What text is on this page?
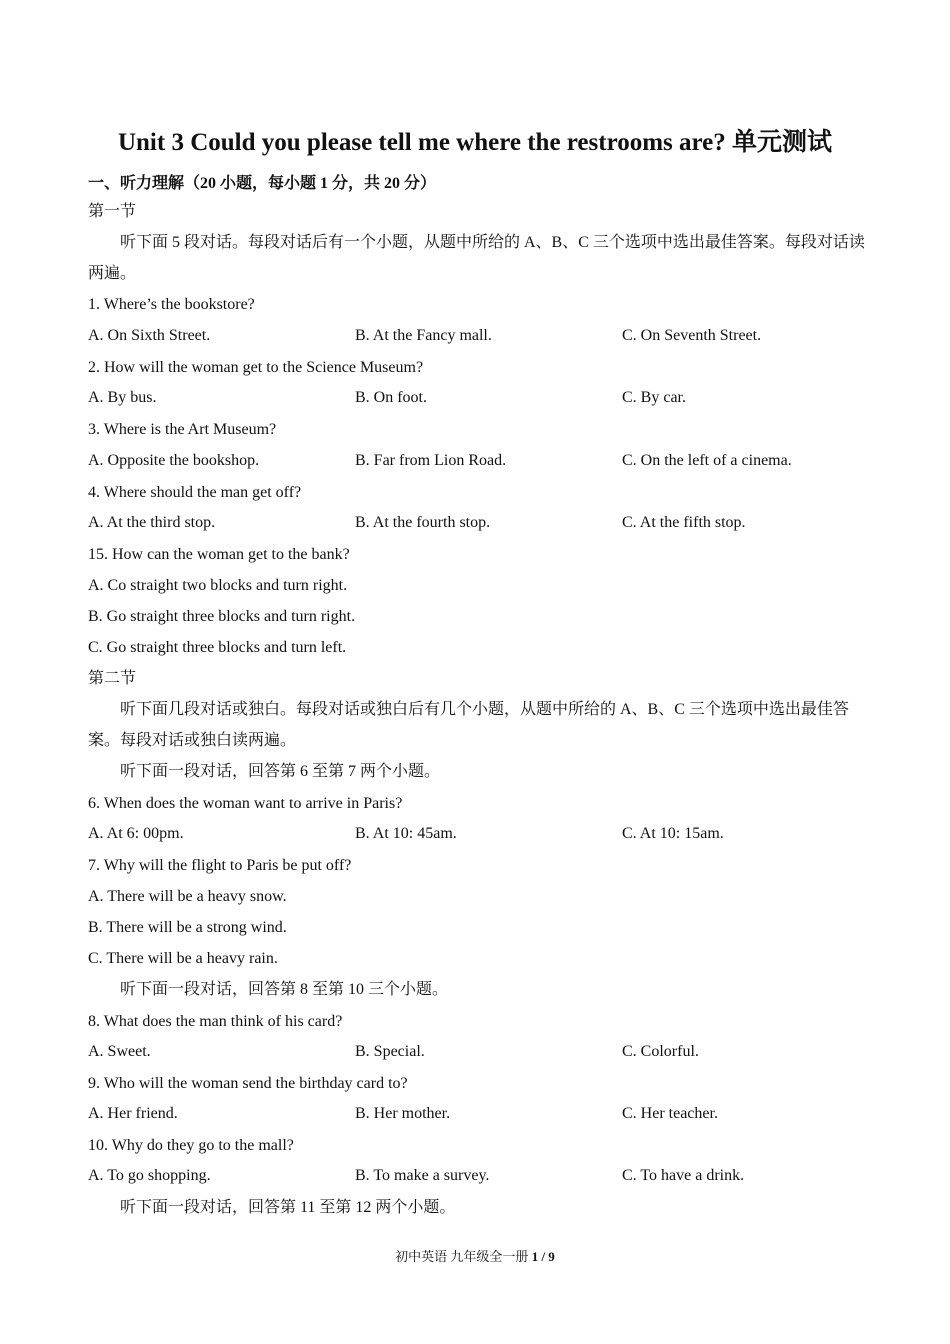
Unit 3 Could you please tell me where the restrooms are? 单元测试
一、听力理解（20 小题，每小题 1 分，共 20 分）
第一节
听下面 5 段对话。每段对话后有一个小题，从题中所给的 A、B、C 三个选项中选出最佳答案。每段对话读两遍。
1. Where’s the bookstore?
A. On Sixth Street.	B. At the Fancy mall.	C. On Seventh Street.
2. How will the woman get to the Science Museum?
A. By bus.	B. On foot.	C. By car.
3. Where is the Art Museum?
A. Opposite the bookshop.	B. Far from Lion Road.	C. On the left of a cinema.
4. Where should the man get off?
A. At the third stop.	B. At the fourth stop.	C. At the fifth stop.
15. How can the woman get to the bank?
A. Co straight two blocks and turn right.
B. Go straight three blocks and turn right.
C. Go straight three blocks and turn left.
第二节
听下面几段对话或独白。每段对话或独白后有几个小题，从题中所给的 A、B、C 三个选项中选出最佳答案。每段对话或独白读两遍。
听下面一段对话，回答第 6 至第 7 两个小题。
6. When does the woman want to arrive in Paris?
A. At 6: 00pm.	B. At 10: 45am.	C. At 10: 15am.
7. Why will the flight to Paris be put off?
A. There will be a heavy snow.
B. There will be a strong wind.
C. There will be a heavy rain.
听下面一段对话，回答第 8 至第 10 三个小题。
8. What does the man think of his card?
A. Sweet.	B. Special.	C. Colorful.
9. Who will the woman send the birthday card to?
A. Her friend.	B. Her mother.	C. Her teacher.
10. Why do they go to the mall?
A. To go shopping.	B. To make a survey.	C. To have a drink.
听下面一段对话，回答第 11 至第 12 两个小题。
初中英语 九年级全一册 1 / 9
